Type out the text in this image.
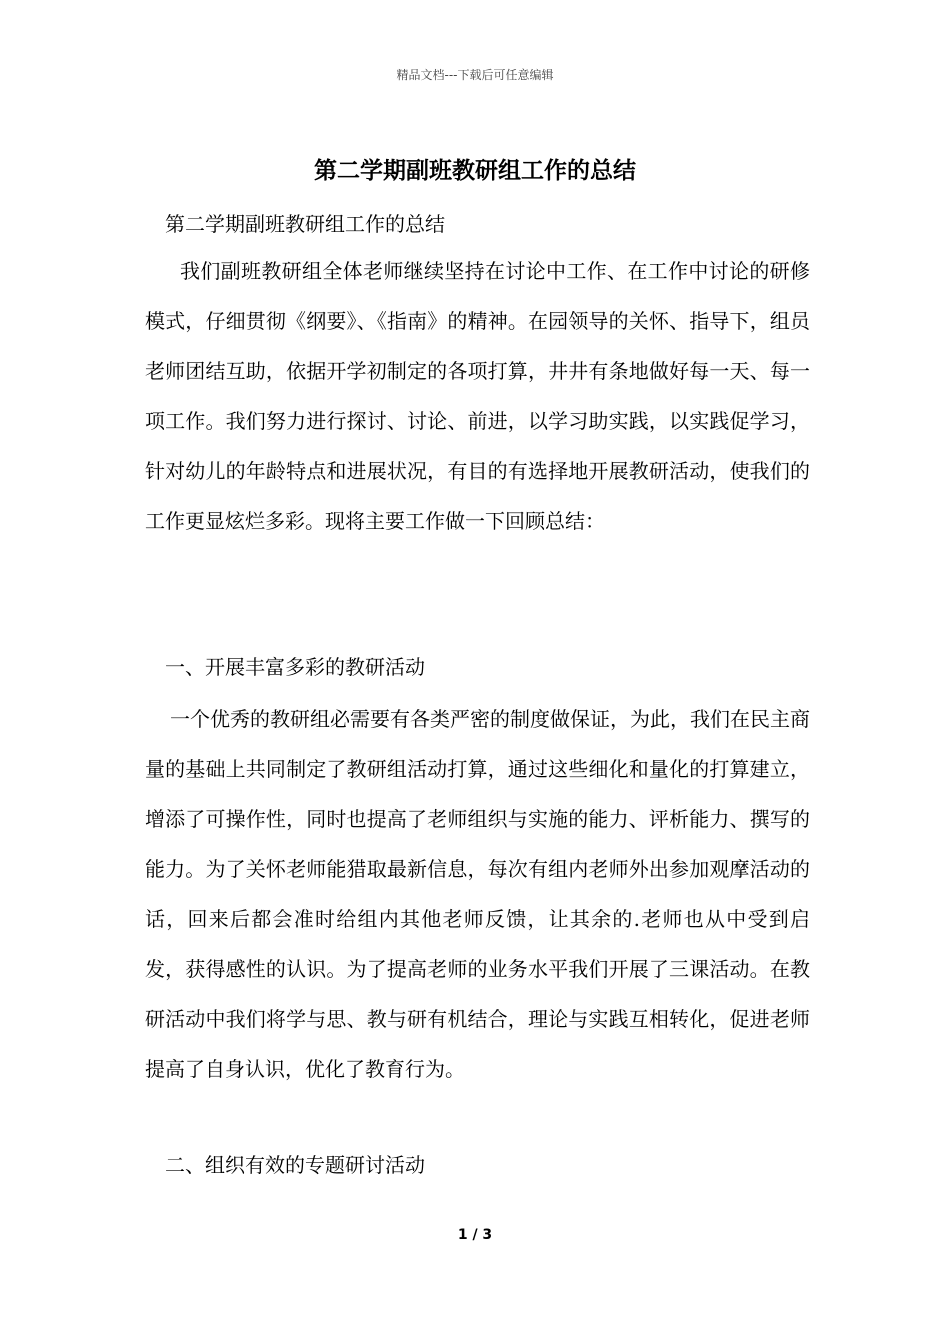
精品文档---下载后可任意编辑
第二学期副班教研组工作的总结
第二学期副班教研组工作的总结
我们副班教研组全体老师继续坚持在讨论中工作、在工作中讨论的研修模式，仔细贯彻《纲要》、《指南》的精神。在园领导的关怀、指导下，组员老师团结互助，依据开学初制定的各项打算，井井有条地做好每一天、每一项工作。我们努力进行探讨、讨论、前进，以学习助实践，以实践促学习，针对幼儿的年龄特点和进展状况，有目的有选择地开展教研活动，使我们的工作更显炫烂多彩。现将主要工作做一下回顾总结：
一、开展丰富多彩的教研活动
一个优秀的教研组必需要有各类严密的制度做保证，为此，我们在民主商量的基础上共同制定了教研组活动打算，通过这些细化和量化的打算建立，增添了可操作性，同时也提高了老师组织与实施的能力、评析能力、撰写的能力。为了关怀老师能猎取最新信息，每次有组内老师外出参加观摩活动的话，回来后都会准时给组内其他老师反馈，让其余的.老师也从中受到启发，获得感性的认识。为了提高老师的业务水平我们开展了三课活动。在教研活动中我们将学与思、教与研有机结合，理论与实践互相转化，促进老师提高了自身认识，优化了教育行为。
二、组织有效的专题研讨活动
1 / 3
